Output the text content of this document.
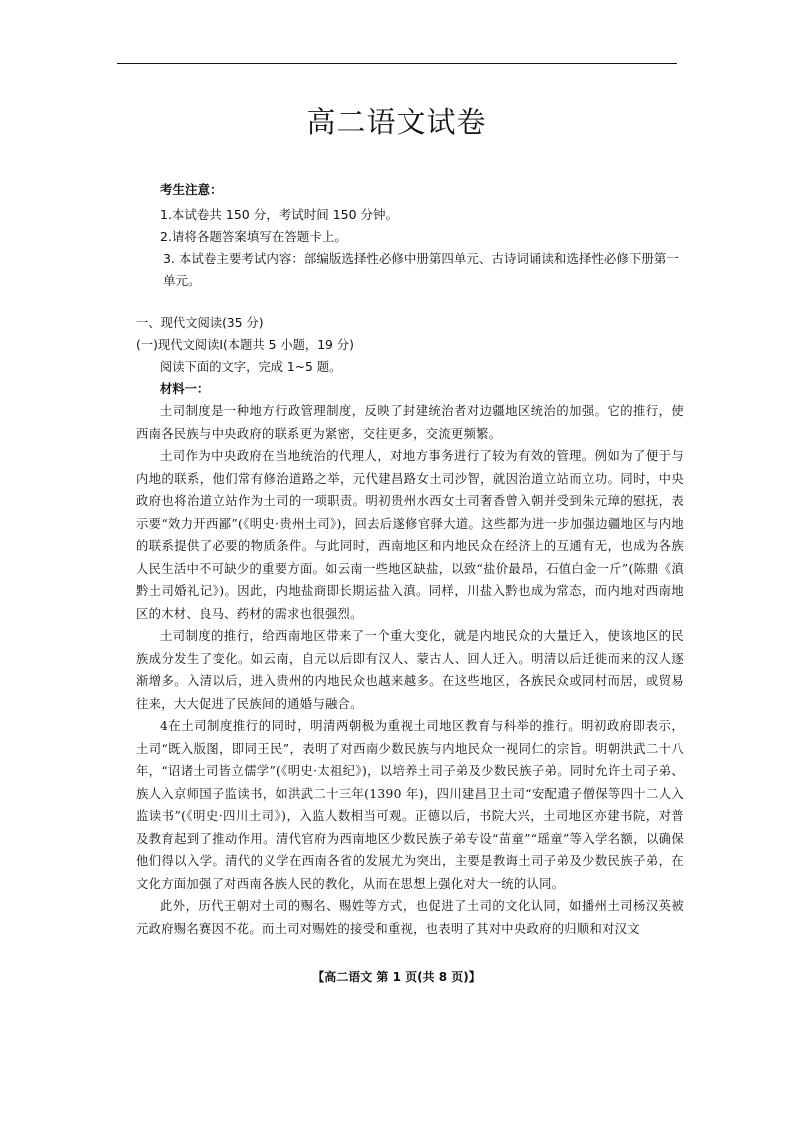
高二语文试卷
考生注意：
1.本试卷共 150 分，考试时间 150 分钟。
2.请将各题答案填写在答题卡上。
3. 本试卷主要考试内容：部编版选择性必修中册第四单元、古诗词诵读和选择性必修下册第一单元。
一、现代文阅读(35 分)
(一)现代文阅读Ⅰ(本题共 5 小题，19 分)
阅读下面的文字，完成 1~5 题。
材料一：

土司制度是一种地方行政管理制度，反映了封建统治者对边疆地区统治的加强。它的推行，使西南各民族与中央政府的联系更为紧密，交往更多，交流更频繁。

土司作为中央政府在当地统治的代理人，对地方事务进行了较为有效的管理。例如为了便于与内地的联系，他们常有修治道路之举，元代建昌路女土司沙智，就因治道立站而立功。同时，中央政府也将治道立站作为土司的一项职责。明初贵州水西女土司奢香曾入朝并受到朱元璋的慰抚，表示要“效力开西鄙”(《明史·贵州土司》)，回去后遂修官驿大道。这些都为进一步加强边疆地区与内地的联系提供了必要的物质条件。与此同时，西南地区和内地民众在经济上的互通有无，也成为各族人民生活中不可缺少的重要方面。如云南一些地区缺盐，以致“盐价最昂，石值白金一斤”(陈鼎《滇黔土司婚礼记》)。因此，内地盐商即长期运盐入滇。同样，川盐入黔也成为常态，而内地对西南地区的木材、良马、药材的需求也很强烈。

土司制度的推行，给西南地区带来了一个重大变化，就是内地民众的大量迁入，使该地区的民族成分发生了变化。如云南，自元以后即有汉人、蒙古人、回人迁入。明清以后迁徙而来的汉人逐渐增多。入清以后，进入贵州的内地民众也越来越多。在这些地区，各族民众或同村而居，或贸易往来，大大促进了民族间的通婚与融合。

4在土司制度推行的同时，明清两朝极为重视土司地区教育与科举的推行。明初政府即表示，土司“既入版图，即同王民”，表明了对西南少数民族与内地民众一视同仁的宗旨。明朝洪武二十八年，“诏诸土司皆立儒学”(《明史·太祖纪》)，以培养土司子弟及少数民族子弟。同时允许土司子弟、族人入京师国子监读书，如洪武二十三年(1390 年)，四川建昌卫土司“安配遣子僧保等四十二人入监读书”(《明史·四川土司》)，入监人数相当可观。正德以后，书院大兴，土司地区亦建书院，对普及教育起到了推动作用。清代官府为西南地区少数民族子弟专设“苗童”“瑶童”等入学名额，以确保他们得以入学。清代的义学在西南各省的发展尤为突出，主要是教诲土司子弟及少数民族子弟，在文化方面加强了对西南各族人民的教化，从而在思想上强化对大一统的认同。

此外，历代王朝对土司的赐名、赐姓等方式，也促进了土司的文化认同，如播州土司杨汉英被元政府赐名赛因不花。而土司对赐姓的接受和重视，也表明了其对中央政府的归顺和对汉文

【高二语文 第 1 页(共 8 页)】
